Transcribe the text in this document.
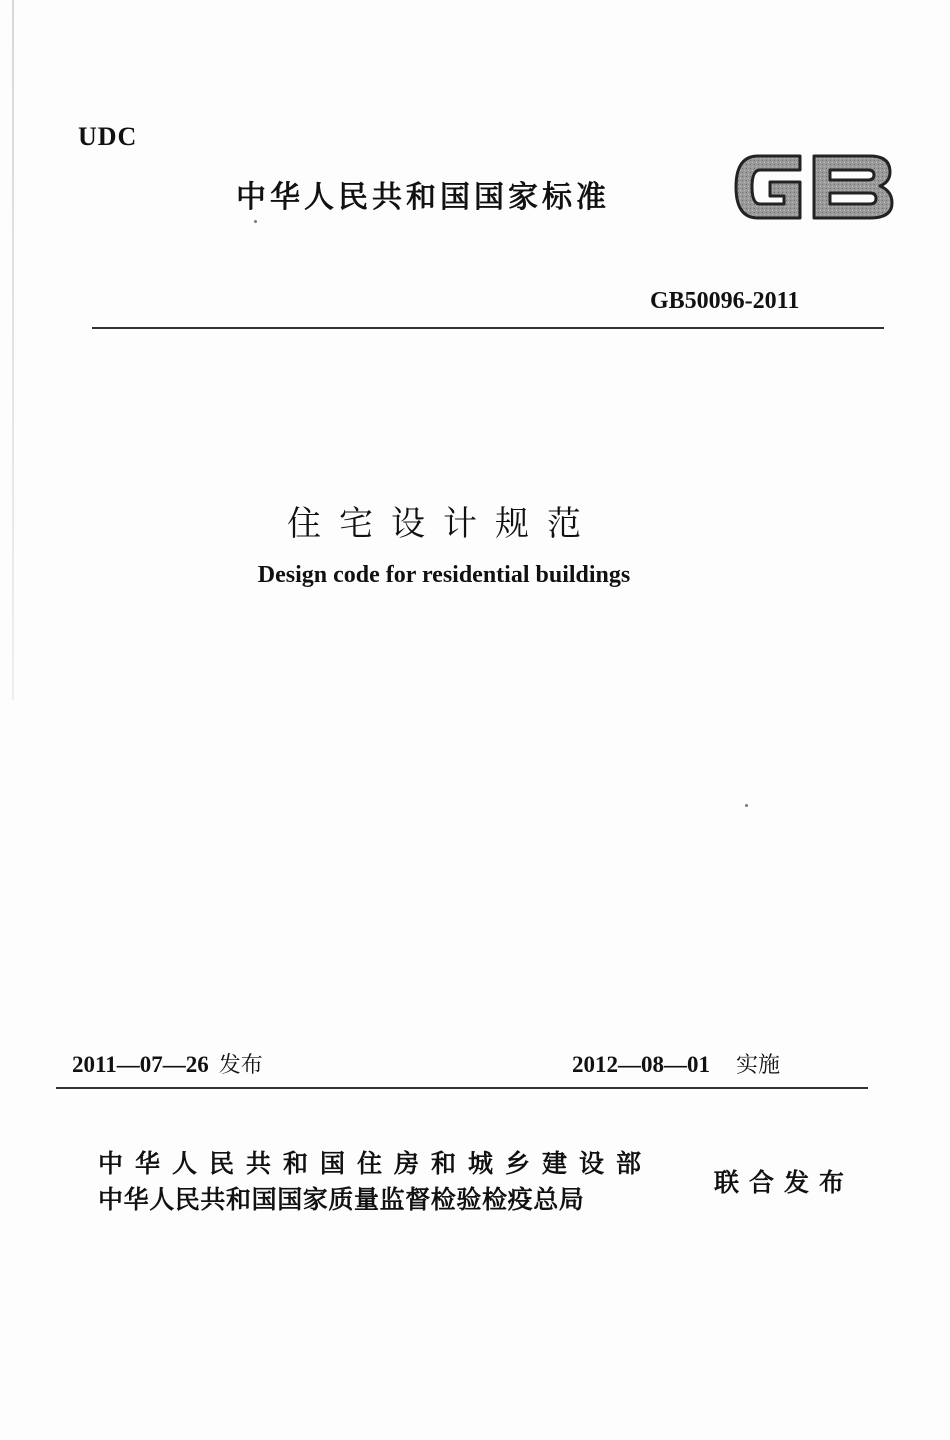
UDC
中华人民共和国国家标准
GB50096-2011
住宅设计规范
Design code for residential buildings
2011—07—26 发布	2012—08—01 实施
中华人民共和国住房和城乡建设部
中华人民共和国国家质量监督检验检疫总局
联合发布
